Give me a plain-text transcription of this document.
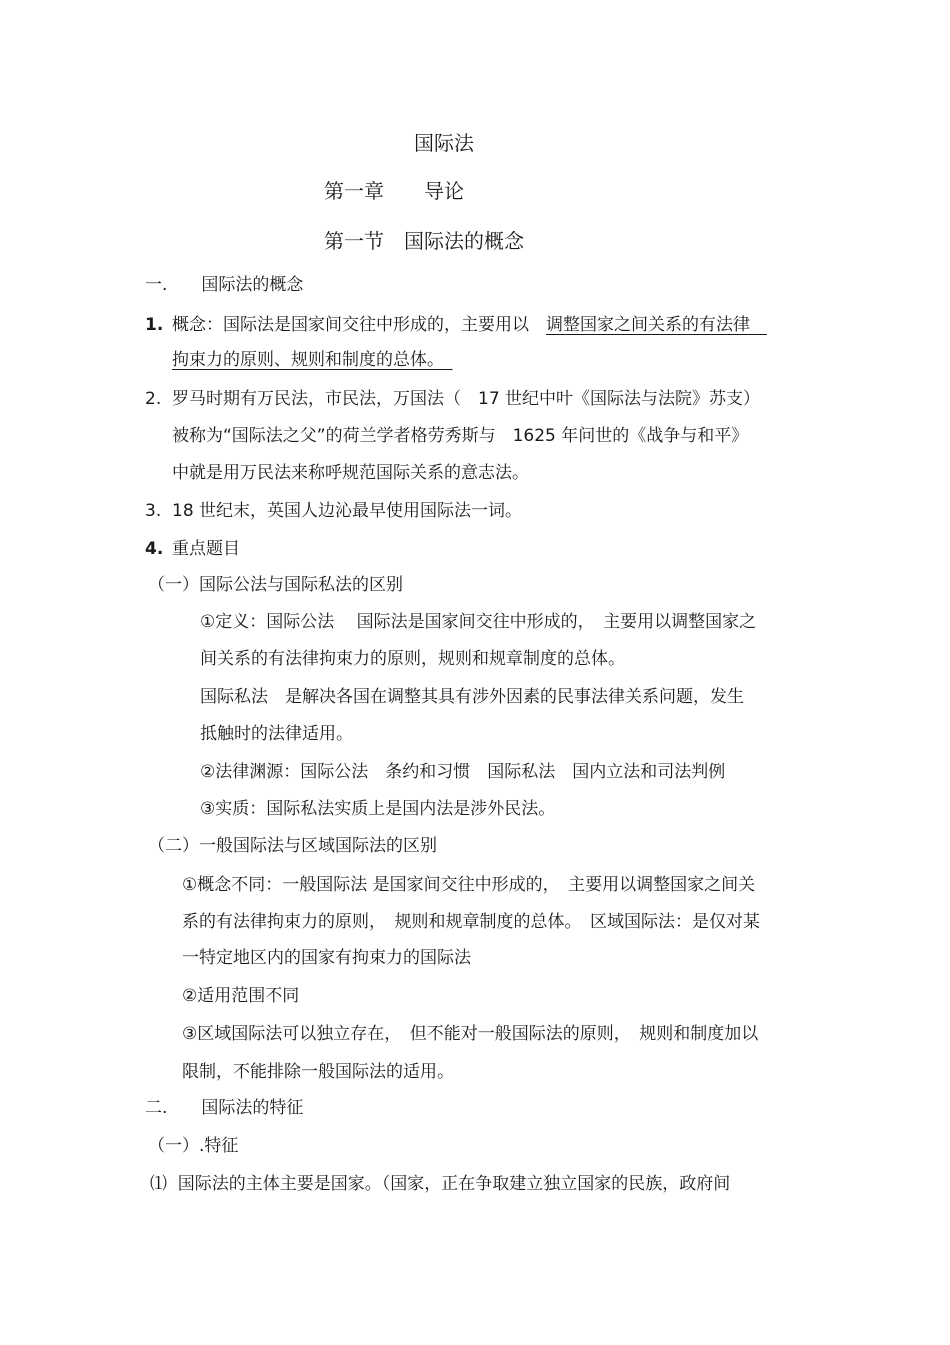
国际法
第一章　　导论
第一节　国际法的概念
一.　　国际法的概念
1. 概念：国际法是国家间交往中形成的，主要用以　调整国家之间关系的有法律　
拘束力的原则、规则和制度的总体。　
2. 罗马时期有万民法，市民法，万国法（　17 世纪中叶《国际法与法院》苏支）
被称为“国际法之父”的荷兰学者格劳秀斯与　1625 年问世的《战争与和平》
中就是用万民法来称呼规范国际关系的意志法。
3. 18 世纪末，英国人边沁最早使用国际法一词。
4. 重点题目
（一）国际公法与国际私法的区别
①定义：国际公法　 国际法是国家间交往中形成的，　主要用以调整国家之
间关系的有法律拘束力的原则，规则和规章制度的总体。
国际私法　是解决各国在调整其具有涉外因素的民事法律关系问题，发生
抵触时的法律适用。
②法律渊源：国际公法　条约和习惯　国际私法　国内立法和司法判例
③实质：国际私法实质上是国内法是涉外民法。
（二）一般国际法与区域国际法的区别
①概念不同：一般国际法 是国家间交往中形成的，　主要用以调整国家之间关
系的有法律拘束力的原则，　规则和规章制度的总体。　区域国际法：是仅对某
一特定地区内的国家有拘束力的国际法
②适用范围不同
③区域国际法可以独立存在，　但不能对一般国际法的原则，　规则和制度加以
限制，不能排除一般国际法的适用。
二.　　国际法的特征
（一）.特征
⑴  国际法的主体主要是国家。（国家，正在争取建立独立国家的民族，政府间
